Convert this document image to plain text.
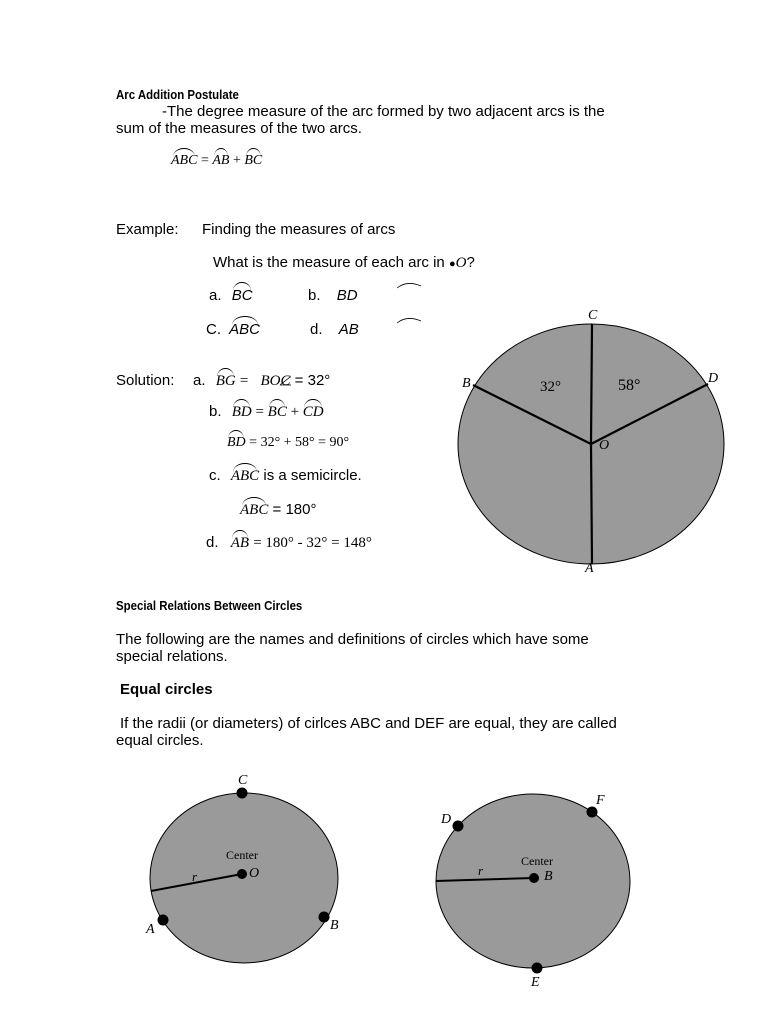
Arc Addition Postulate
-The degree measure of the arc formed by two adjacent arcs is the
sum of the measures of the two arcs.
ABC = AB + BC
Example: Finding the measures of arcs
What is the measure of each arc in ●O?
a. BC	b. BD
C. ABC	d. AB
Solution: a. BG = BOC = 32°
b. BD = BC + CD
BD = 32° + 58° = 90°
c. ABC is a semicircle.
ABC = 180°
d. AB = 180° - 32° = 148°
C
D
B
A
O
32°	58°
Special Relations Between Circles
The following are the names and definitions of circles which have some
special relations.
Equal circles
If the radii (or diameters) of cirlces ABC and DEF are equal, they are called
equal circles.
C
A	B
O
r
Center
D
F
E
B
r
Center
